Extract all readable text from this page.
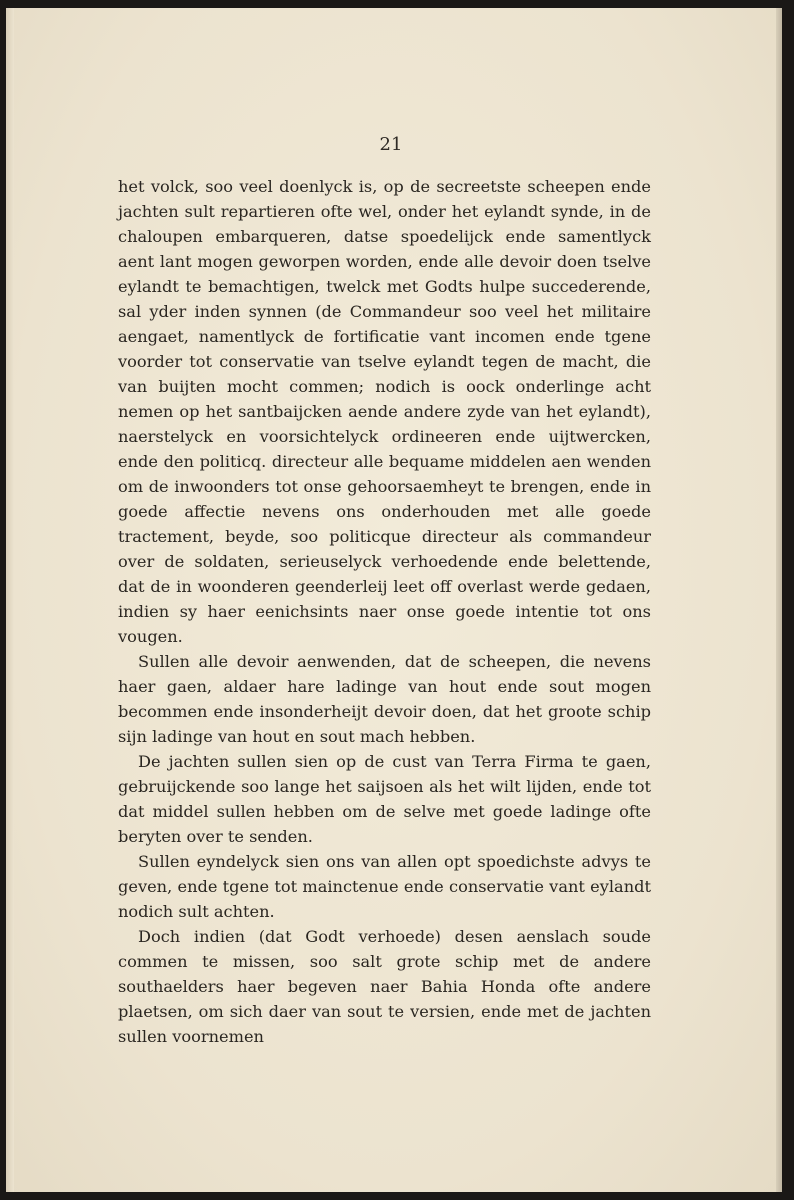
21

het volck, soo veel doenlyck is, op de secreetste scheepen ende jachten sult repartieren ofte wel, onder het eylandt synde, in de chaloupen embarqueren, datse spoedelijck ende samentlyck aent lant mogen geworpen worden, ende alle devoir doen tselve eylandt te bemachtigen, twelck met Godts hulpe succederende, sal yder inden synnen (de Commandeur soo veel het militaire aengaet, namentlyck de fortificatie vant incomen ende tgene voorder tot conservatie van tselve eylandt tegen de macht, die van buijten mocht commen; nodich is oock onderlinge acht nemen op het santbaijcken aende andere zyde van het eylandt), naerstelyck en voorsichtelyck ordineeren ende uijtwercken, ende den politicq. directeur alle bequame middelen aen wenden om de inwoonders tot onse gehoorsaemheyt te brengen, ende in goede affectie nevens ons onderhouden met alle goede tractement, beyde, soo politicque directeur als commandeur over de soldaten, serieuselyck verhoedende ende belettende, dat de in woonderen geenderleij leet off overlast werde gedaen, indien sy haer eenichsints naer onse goede intentie tot ons vougen.

Sullen alle devoir aenwenden, dat de scheepen, die nevens haer gaen, aldaer hare ladinge van hout ende sout mogen becommen ende insonderheijt devoir doen, dat het groote schip sijn ladinge van hout en sout mach hebben.

De jachten sullen sien op de cust van Terra Firma te gaen, gebruijckende soo lange het saijsoen als het wilt lijden, ende tot dat middel sullen hebben om de selve met goede ladinge ofte beryten over te senden.

Sullen eyndelyck sien ons van allen opt spoedichste advys te geven, ende tgene tot mainctenue ende conservatie vant eylandt nodich sult achten.

Doch indien (dat Godt verhoede) desen aenslach soude commen te missen, soo salt grote schip met de andere southaelders haer begeven naer Bahia Honda ofte andere plaetsen, om sich daer van sout te versien, ende met de jachten sullen voornemen
